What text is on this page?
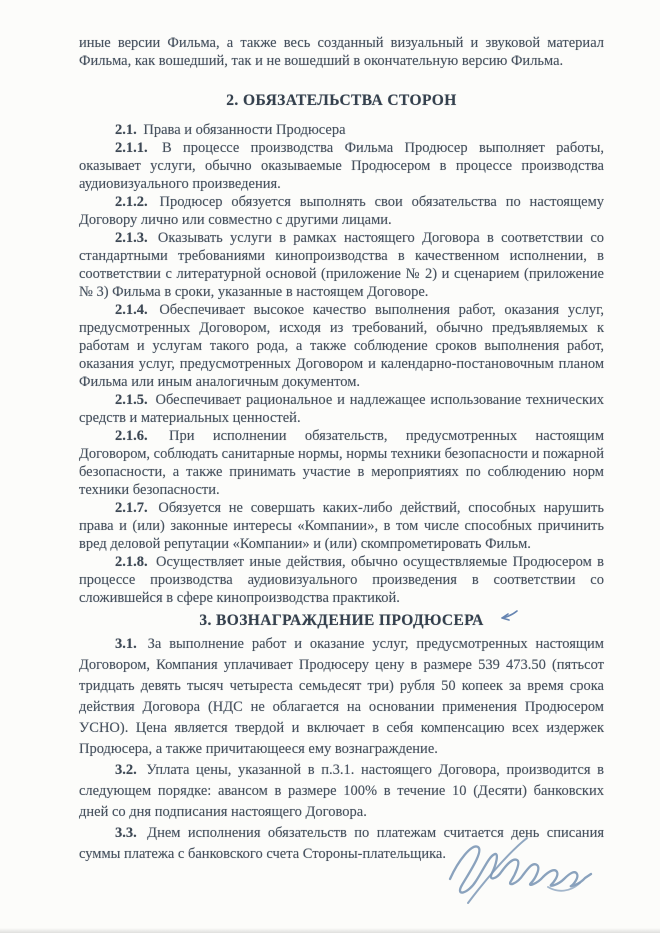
иные версии Фильма, а также весь созданный визуальный и звуковой материал Фильма, как вошедший, так и не вошедший в окончательную версию Фильма.

2. ОБЯЗАТЕЛЬСТВА СТОРОН

2.1. Права и обязанности Продюсера

2.1.1. В процессе производства Фильма Продюсер выполняет работы, оказывает услуги, обычно оказываемые Продюсером в процессе производства аудиовизуального произведения.

2.1.2. Продюсер обязуется выполнять свои обязательства по настоящему Договору лично или совместно с другими лицами.

2.1.3. Оказывать услуги в рамках настоящего Договора в соответствии со стандартными требованиями кинопроизводства в качественном исполнении, в соответствии с литературной основой (приложение № 2) и сценарием (приложение № 3) Фильма в сроки, указанные в настоящем Договоре.

2.1.4. Обеспечивает высокое качество выполнения работ, оказания услуг, предусмотренных Договором, исходя из требований, обычно предъявляемых к работам и услугам такого рода, а также соблюдение сроков выполнения работ, оказания услуг, предусмотренных Договором и календарно-постановочным планом Фильма или иным аналогичным документом.

2.1.5. Обеспечивает рациональное и надлежащее использование технических средств и материальных ценностей.

2.1.6. При исполнении обязательств, предусмотренных настоящим Договором, соблюдать санитарные нормы, нормы техники безопасности и пожарной безопасности, а также принимать участие в мероприятиях по соблюдению норм техники безопасности.

2.1.7. Обязуется не совершать каких-либо действий, способных нарушить права и (или) законные интересы «Компании», в том числе способных причинить вред деловой репутации «Компании» и (или) скомпрометировать Фильм.

2.1.8. Осуществляет иные действия, обычно осуществляемые Продюсером в процессе производства аудиовизуального произведения в соответствии со сложившейся в сфере кинопроизводства практикой.

3. ВОЗНАГРАЖДЕНИЕ ПРОДЮСЕРА

3.1. За выполнение работ и оказание услуг, предусмотренных настоящим Договором, Компания уплачивает Продюсеру цену в размере 539 473.50 (пятьсот тридцать девять тысяч четыреста семьдесят три) рубля 50 копеек за время срока действия Договора (НДС не облагается на основании применения Продюсером УСНО). Цена является твердой и включает в себя компенсацию всех издержек Продюсера, а также причитающееся ему вознаграждение.

3.2. Уплата цены, указанной в п.3.1. настоящего Договора, производится в следующем порядке: авансом в размере 100% в течение 10 (Десяти) банковских дней со дня подписания настоящего Договора.

3.3. Днем исполнения обязательств по платежам считается день списания суммы платежа с банковского счета Стороны-плательщика.
